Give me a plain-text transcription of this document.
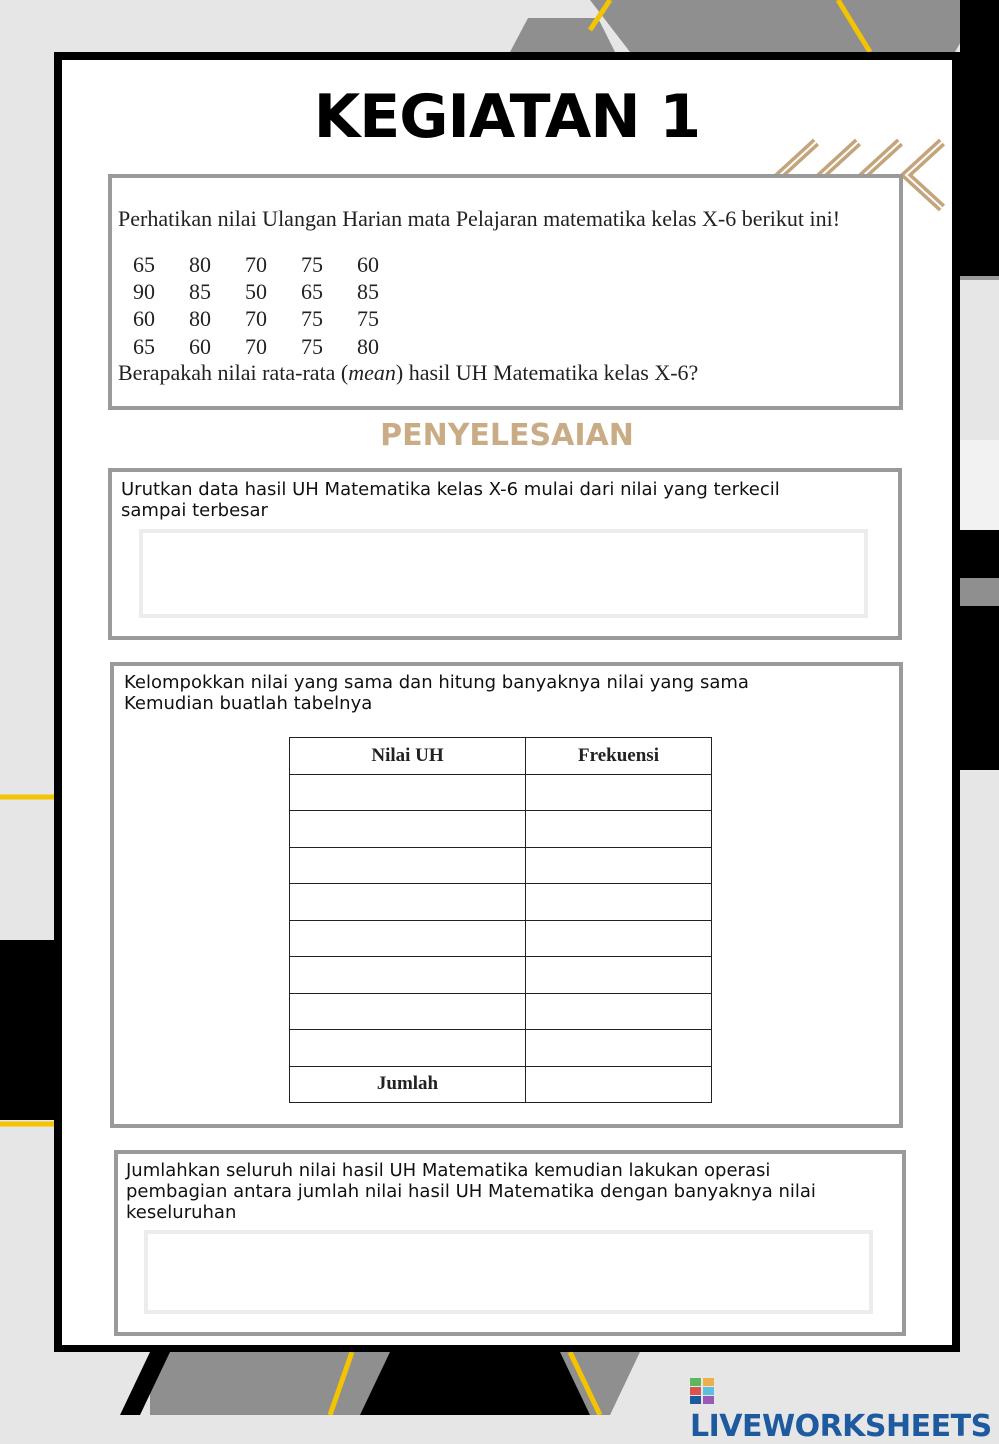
KEGIATAN 1
Perhatikan nilai Ulangan Harian mata Pelajaran matematika kelas X-6 berikut ini!
65 80 70 75 60
90 85 50 65 85
60 80 70 75 75
65 60 70 75 80
Berapakah nilai rata-rata (mean) hasil UH Matematika kelas X-6?
PENYELESAIAN
Urutkan data hasil UH Matematika kelas X-6 mulai dari nilai yang terkecil
sampai terbesar
Kelompokkan nilai yang sama dan hitung banyaknya nilai yang sama
Kemudian buatlah tabelnya
Nilai UH	Frekuensi

Jumlah	
Jumlahkan seluruh nilai hasil UH Matematika kemudian lakukan operasi
pembagian antara jumlah nilai hasil UH Matematika dengan banyaknya nilai
keseluruhan
LIVEWORKSHEETS
